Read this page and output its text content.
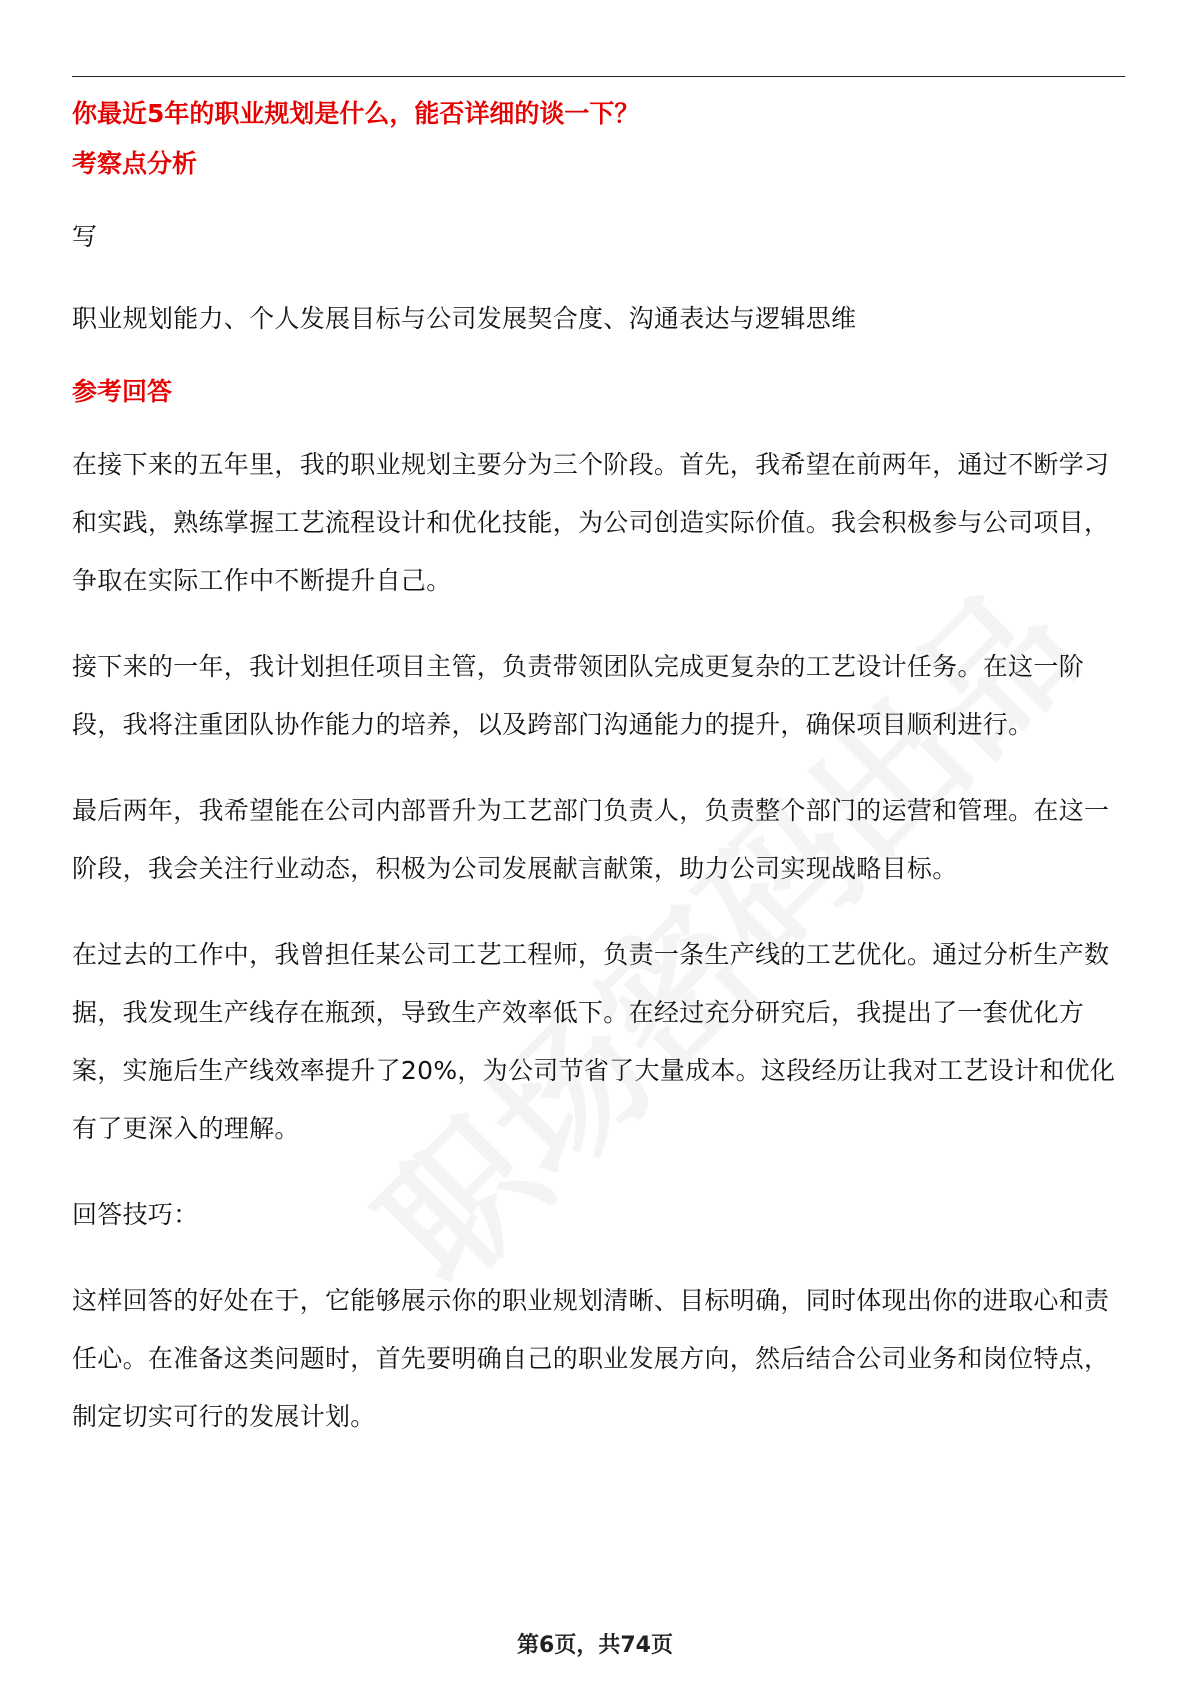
你最近5年的职业规划是什么，能否详细的谈一下？

考察点分析

写

职业规划能力、个人发展目标与公司发展契合度、沟通表达与逻辑思维

参考回答

在接下来的五年里，我的职业规划主要分为三个阶段。首先，我希望在前两年，通过不断学习和实践，熟练掌握工艺流程设计和优化技能，为公司创造实际价值。我会积极参与公司项目，争取在实际工作中不断提升自己。

接下来的一年，我计划担任项目主管，负责带领团队完成更复杂的工艺设计任务。在这一阶段，我将注重团队协作能力的培养，以及跨部门沟通能力的提升，确保项目顺利进行。

最后两年，我希望能在公司内部晋升为工艺部门负责人，负责整个部门的运营和管理。在这一阶段，我会关注行业动态，积极为公司发展献言献策，助力公司实现战略目标。

在过去的工作中，我曾担任某公司工艺工程师，负责一条生产线的工艺优化。通过分析生产数据，我发现生产线存在瓶颈，导致生产效率低下。在经过充分研究后，我提出了一套优化方案，实施后生产线效率提升了20%，为公司节省了大量成本。这段经历让我对工艺设计和优化有了更深入的理解。

回答技巧：

这样回答的好处在于，它能够展示你的职业规划清晰、目标明确，同时体现出你的进取心和责任心。在准备这类问题时，首先要明确自己的职业发展方向，然后结合公司业务和岗位特点，制定切实可行的发展计划。

第6页，共74页
